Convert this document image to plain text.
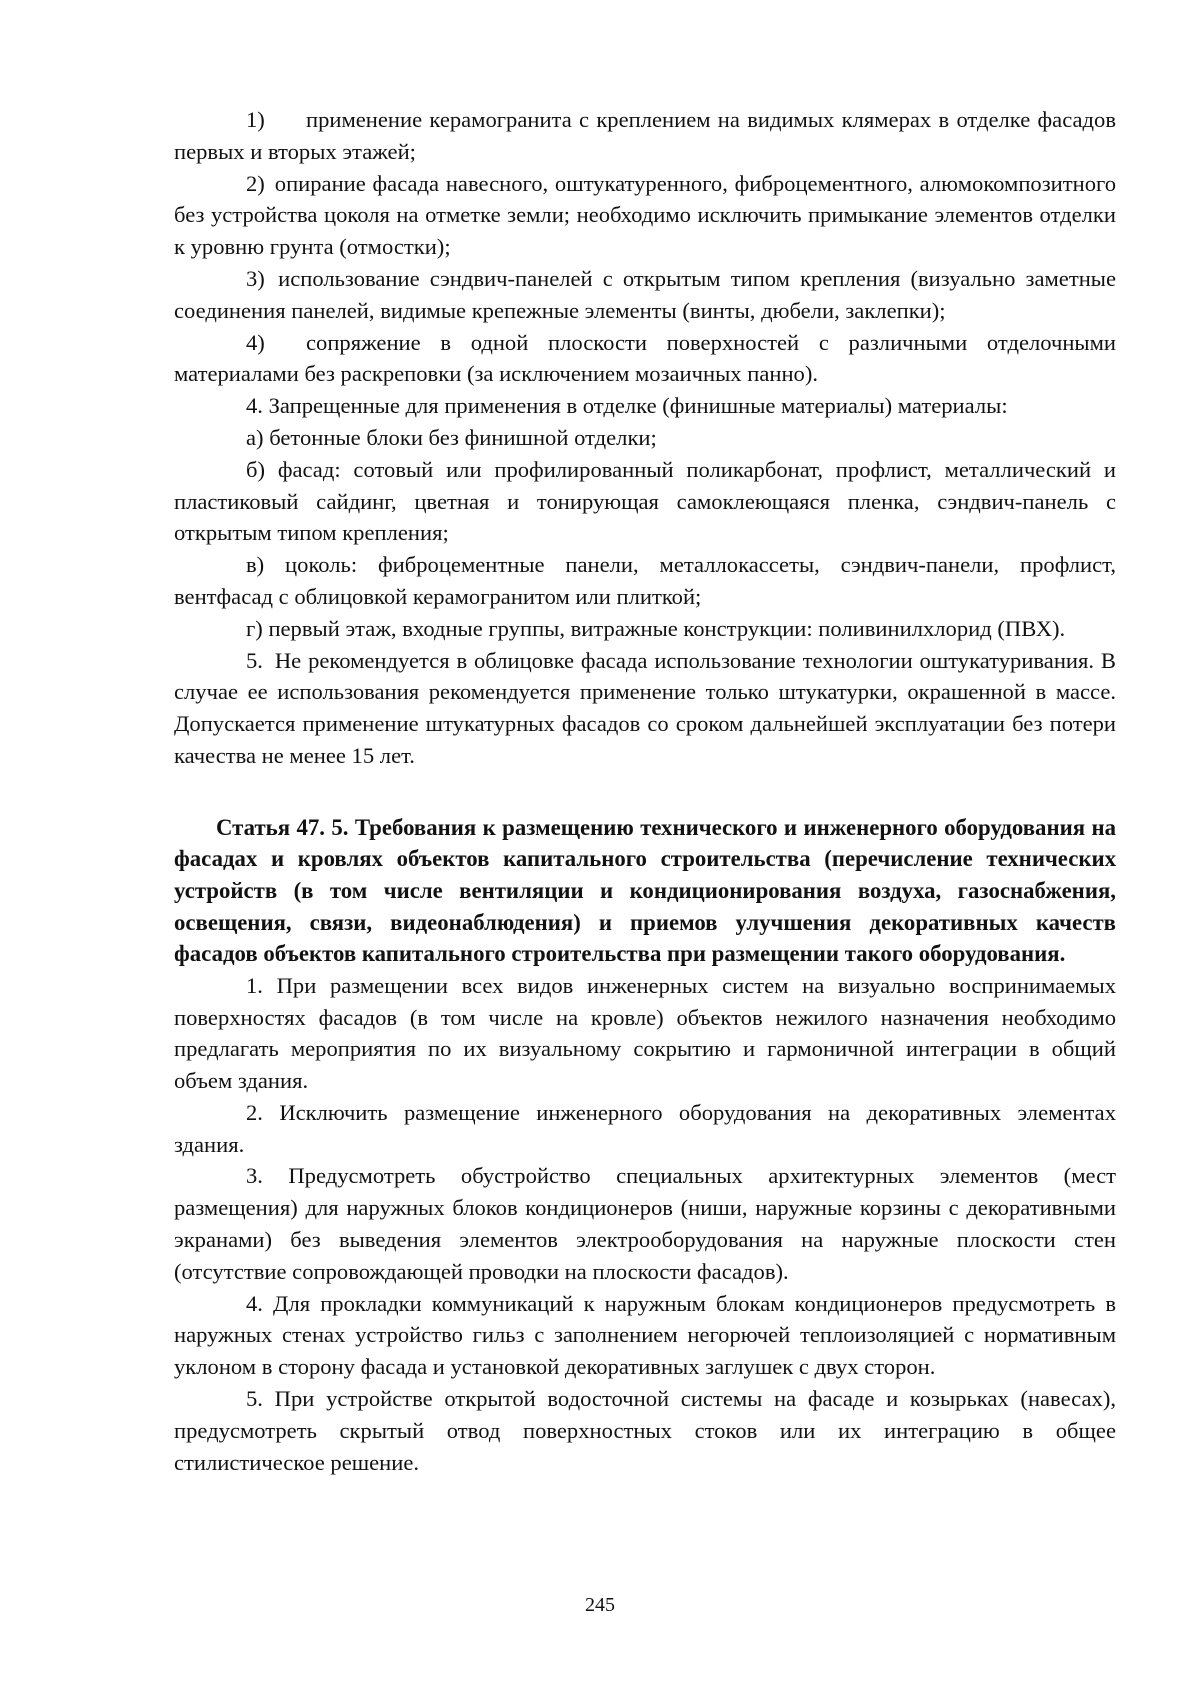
1) применение керамогранита с креплением на видимых клямерах в отделке фасадов первых и вторых этажей;

2) опирание фасада навесного, оштукатуренного, фиброцементного, алюмокомпозитного без устройства цоколя на отметке земли; необходимо исключить примыкание элементов отделки к уровню грунта (отмостки);

3) использование сэндвич-панелей с открытым типом крепления (визуально заметные соединения панелей, видимые крепежные элементы (винты, дюбели, заклепки);

4) сопряжение в одной плоскости поверхностей с различными отделочными материалами без раскреповки (за исключением мозаичных панно).

4. Запрещенные для применения в отделке (финишные материалы) материалы:

а) бетонные блоки без финишной отделки;

б) фасад: сотовый или профилированный поликарбонат, профлист, металлический и пластиковый сайдинг, цветная и тонирующая самоклеющаяся пленка, сэндвич-панель с открытым типом крепления;

в) цоколь: фиброцементные панели, металлокассеты, сэндвич-панели, профлист, вентфасад с облицовкой керамогранитом или плиткой;

г) первый этаж, входные группы, витражные конструкции: поливинилхлорид (ПВХ).

5. Не рекомендуется в облицовке фасада использование технологии оштукатуривания. В случае ее использования рекомендуется применение только штукатурки, окрашенной в массе. Допускается применение штукатурных фасадов со сроком дальнейшей эксплуатации без потери качества не менее 15 лет.

Статья 47. 5. Требования к размещению технического и инженерного оборудования на фасадах и кровлях объектов капитального строительства (перечисление технических устройств (в том числе вентиляции и кондиционирования воздуха, газоснабжения, освещения, связи, видеонаблюдения) и приемов улучшения декоративных качеств фасадов объектов капитального строительства при размещении такого оборудования.

1. При размещении всех видов инженерных систем на визуально воспринимаемых поверхностях фасадов (в том числе на кровле) объектов нежилого назначения необходимо предлагать мероприятия по их визуальному сокрытию и гармоничной интеграции в общий объем здания.

2. Исключить размещение инженерного оборудования на декоративных элементах здания.

3. Предусмотреть обустройство специальных архитектурных элементов (мест размещения) для наружных блоков кондиционеров (ниши, наружные корзины с декоративными экранами) без выведения элементов электрооборудования на наружные плоскости стен (отсутствие сопровождающей проводки на плоскости фасадов).

4. Для прокладки коммуникаций к наружным блокам кондиционеров предусмотреть в наружных стенах устройство гильз с заполнением негорючей теплоизоляцией с нормативным уклоном в сторону фасада и установкой декоративных заглушек с двух сторон.

5. При устройстве открытой водосточной системы на фасаде и козырьках (навесах), предусмотреть скрытый отвод поверхностных стоков или их интеграцию в общее стилистическое решение.

245
